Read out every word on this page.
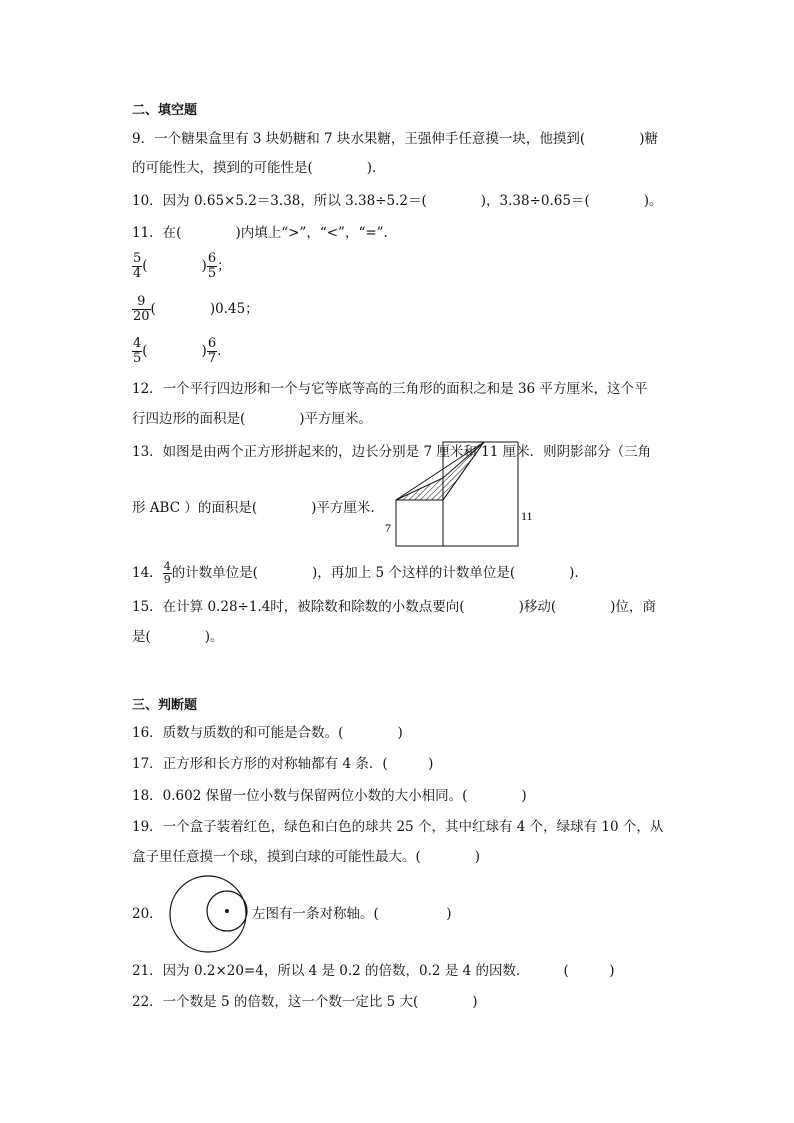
二、填空题
9．一个糖果盒里有 3 块奶糖和 7 块水果糖，王强伸手任意摸一块，他摸到(　　　　)糖
的可能性大，摸到的可能性是(　　　　).
10．因为 0.65×5.2＝3.38，所以 3.38÷5.2＝(　　　　)，3.38÷0.65＝(　　　　)。
11．在(　　　　)内填上“>”，“<”，“=”.
$\frac{5}{4}$ (　　　　) $\frac{6}{5}$ ；
$\frac{9}{20}$ (　　　　)0.45；
$\frac{4}{5}$ (　　　　) $\frac{6}{7}$ .
12．一个平行四边形和一个与它等底等高的三角形的面积之和是 36 平方厘米，这个平
行四边形的面积是(　　　　)平方厘米。
13．如图是由两个正方形拼起来的，边长分别是 7 厘米和 11 厘米．则阴影部分（三角
形 ABC ）的面积是(　　　　)平方厘米.
7
11
14． $\frac{4}{9}$ 的计数单位是(　　　　)，再加上 5 个这样的计数单位是(　　　　).
15．在计算 0.28÷1.4时，被除数和除数的小数点要向(　　　　)移动(　　　　)位，商
是(　　　　)。
三、判断题
16．质数与质数的和可能是合数。(　　　　)
17．正方形和长方形的对称轴都有 4 条．(　　　)
18．0.602 保留一位小数与保留两位小数的大小相同。(　　　　)
19．一个盒子装着红色，绿色和白色的球共 25 个，其中红球有 4 个，绿球有 10 个，从
盒子里任意摸一个球，摸到白球的可能性最大。(　　　　)
20．	左图有一条对称轴。(　　　　　)
21．因为 0.2×20=4，所以 4 是 0.2 的倍数，0.2 是 4 的因数．	(　　　)
22．一个数是 5 的倍数，这一个数一定比 5 大(　　　　)
